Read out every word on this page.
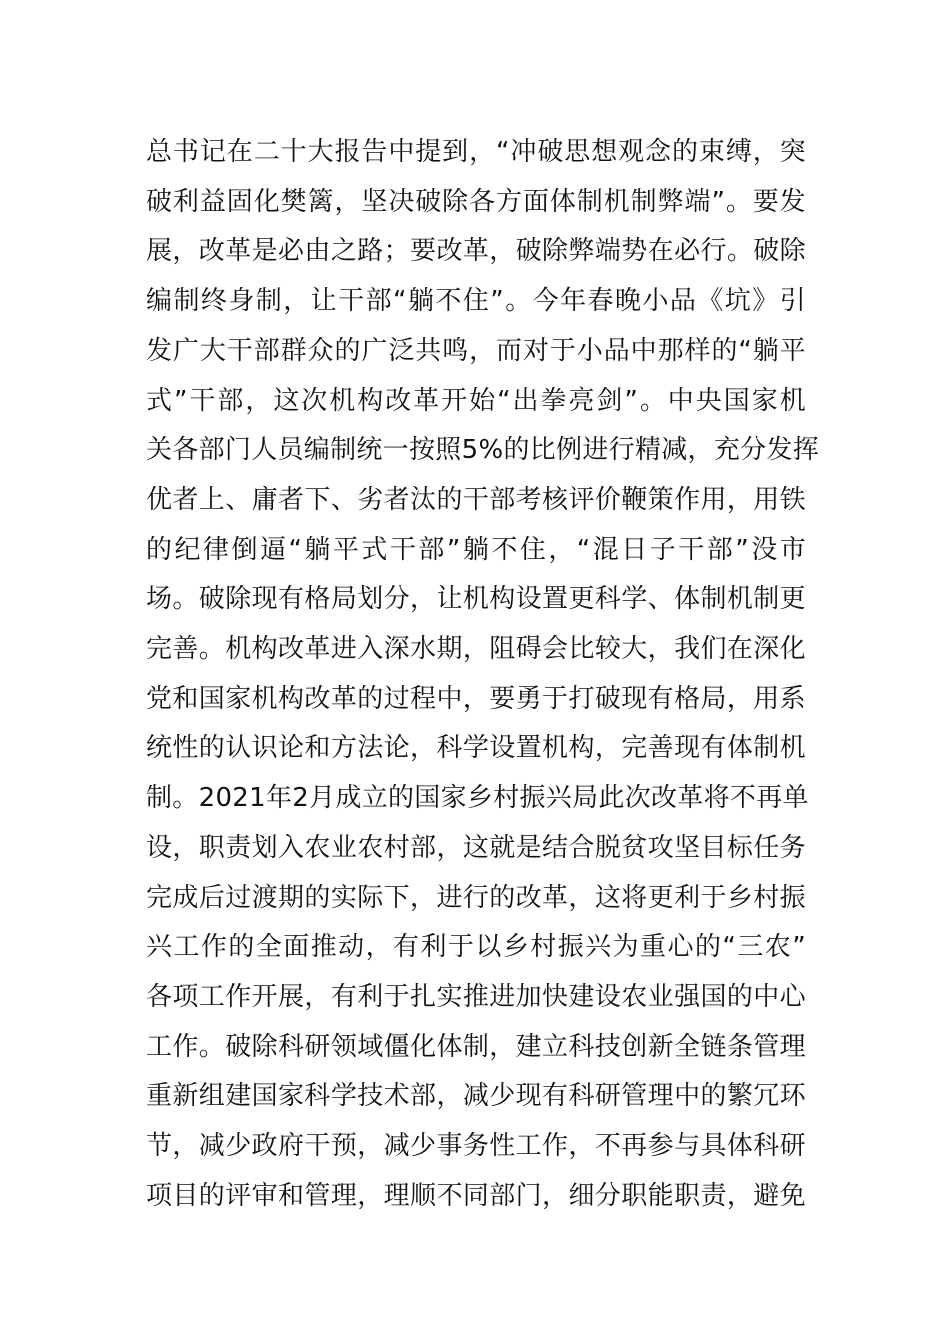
总书记在二十大报告中提到，“冲破思想观念的束缚，突
破利益固化樊篱，坚决破除各方面体制机制弊端”。要发
展，改革是必由之路；要改革，破除弊端势在必行。破除
编制终身制，让干部“躺不住”。今年春晚小品《坑》引
发广大干部群众的广泛共鸣，而对于小品中那样的“躺平
式”干部，这次机构改革开始“出拳亮剑”。中央国家机
关各部门人员编制统一按照5%的比例进行精减，充分发挥
优者上、庸者下、劣者汰的干部考核评价鞭策作用，用铁
的纪律倒逼“躺平式干部”躺不住，“混日子干部”没市
场。破除现有格局划分，让机构设置更科学、体制机制更
完善。机构改革进入深水期，阻碍会比较大，我们在深化
党和国家机构改革的过程中，要勇于打破现有格局，用系
统性的认识论和方法论，科学设置机构，完善现有体制机
制。2021年2月成立的国家乡村振兴局此次改革将不再单
设，职责划入农业农村部，这就是结合脱贫攻坚目标任务
完成后过渡期的实际下，进行的改革，这将更利于乡村振
兴工作的全面推动，有利于以乡村振兴为重心的“三农”
各项工作开展，有利于扎实推进加快建设农业强国的中心
工作。破除科研领域僵化体制，建立科技创新全链条管理
重新组建国家科学技术部，减少现有科研管理中的繁冗环
节，减少政府干预，减少事务性工作，不再参与具体科研
项目的评审和管理，理顺不同部门，细分职能职责，避免
